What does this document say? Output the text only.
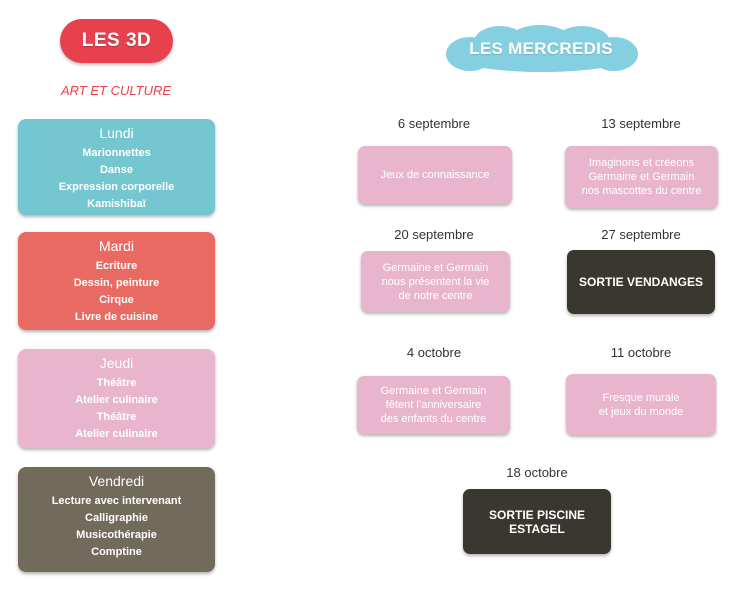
LES 3D
ART ET CULTURE
Lundi
Marionnettes
Danse
Expression corporelle
Kamishibaï
Mardi
Ecriture
Dessin, peinture
Cirque
Livre de cuisine
Jeudi
Théâtre
Atelier culinaire
Théâtre
Atelier culinaire
Vendredi
Lecture avec intervenant
Calligraphie
Musicothérapie
Comptine
LES MERCREDIS
6 septembre
Jeux de connaissance
13 septembre
Imaginons et créeons
Germaine et Germain
nos mascottes du centre
20 septembre
Germaine et Germain
nous présentent la vie
de notre centre
27 septembre
SORTIE VENDANGES
4 octobre
Germaine et Germain
fêtent l’anniversaire
des enfants du centre
11 octobre
Fresque murale
et jeux du monde
18 octobre
SORTIE PISCINE ESTAGEL
